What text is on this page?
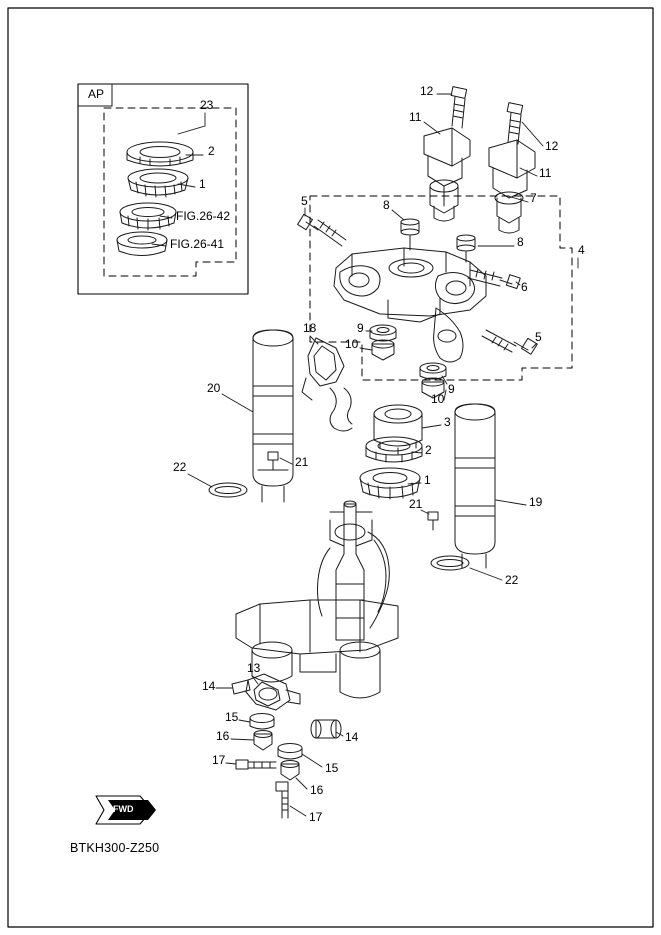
AP
FIG.26-42
FIG.26-41
23
2
1
12
11
12
11
7
5	8
8
4
6
5
9
10
9
10
18
3
2
1
20
21
22
19
21
22
13
14
15
16
17
14
15
16
17
FWD
BTKH300-Z250
